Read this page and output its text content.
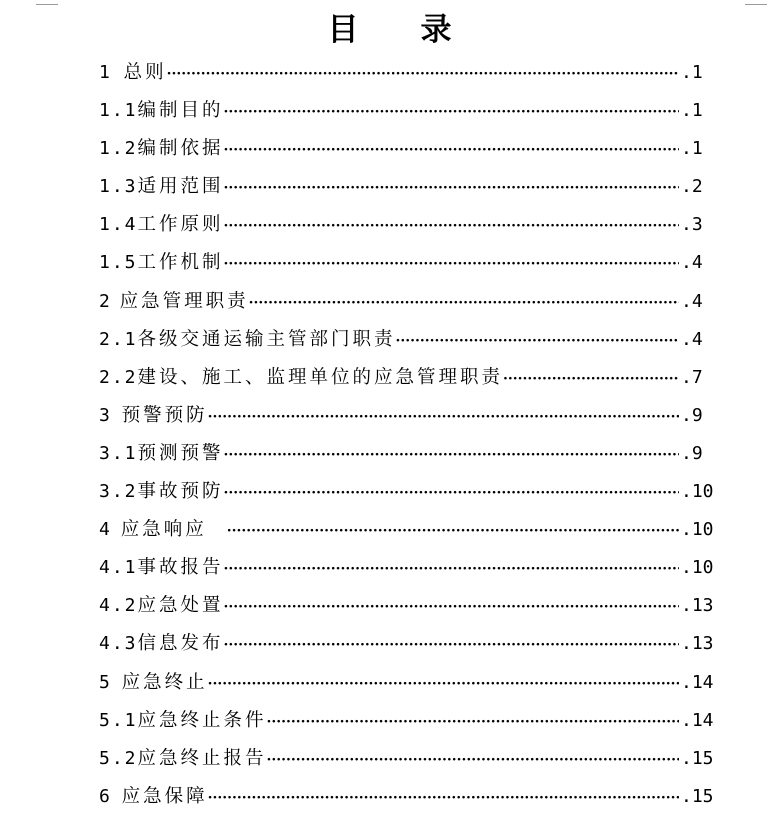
目 录
1 总则 ·····	.1
1.1 编制目的 ·····	.1
1.2 编制依据 ·····	.1
1.3 适用范围 ·····	.2
1.4 工作原则 ·····	.3
1.5 工作机制 ·····	.4
2 应急管理职责 ·····	.4
2.1 各级交通运输主管部门职责 ·····	.4
2.2 建设、施工、监理单位的应急管理职责 ·····	.7
3 预警预防 ·····	.9
3.1 预测预警 ·····	.9
3.2 事故预防 ·····	.10
4 应急响应 ·····	.10
4.1 事故报告 ·····	.10
4.2 应急处置 ·····	.13
4.3 信息发布 ·····	.13
5 应急终止 ·····	.14
5.1 应急终止条件 ·····	.14
5.2 应急终止报告 ·····	.15
6 应急保障 ·····	.15
